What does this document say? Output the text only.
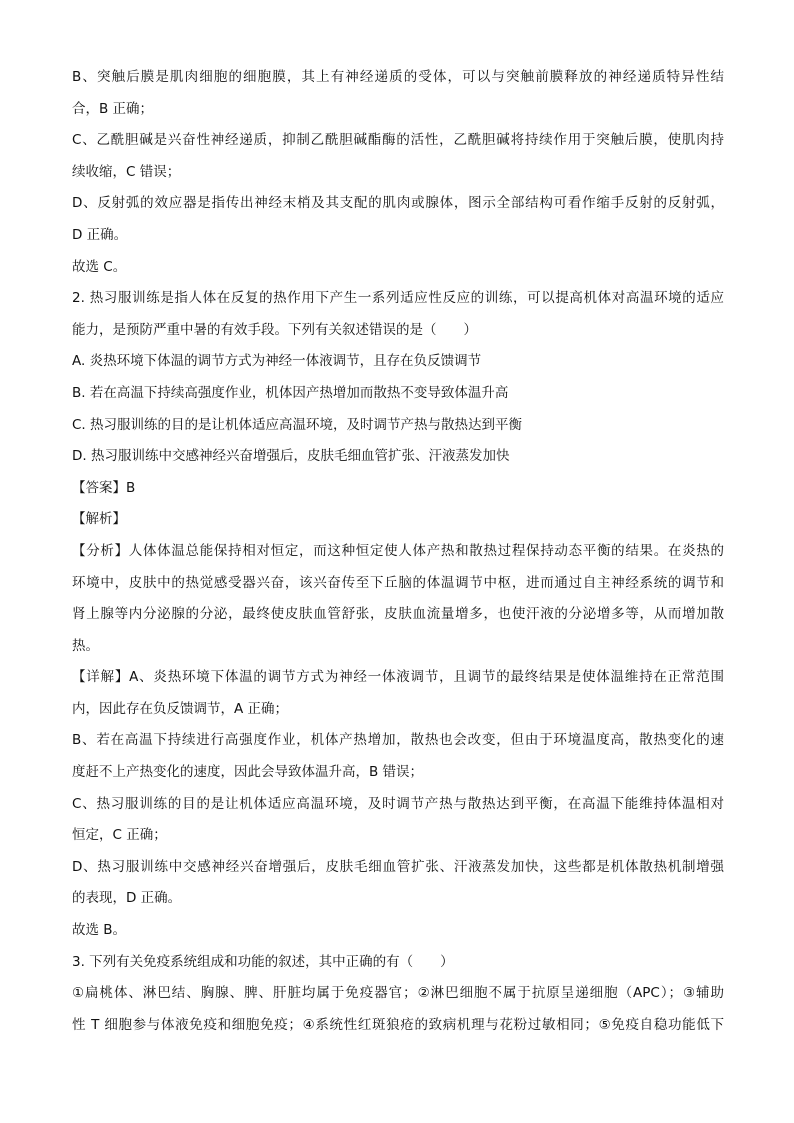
B、突触后膜是肌肉细胞的细胞膜，其上有神经递质的受体，可以与突触前膜释放的神经递质特异性结
合，B 正确；
C、乙酰胆碱是兴奋性神经递质，抑制乙酰胆碱酯酶的活性，乙酰胆碱将持续作用于突触后膜，使肌肉持
续收缩，C 错误；
D、反射弧的效应器是指传出神经末梢及其支配的肌肉或腺体，图示全部结构可看作缩手反射的反射弧，
D 正确。
故选 C。
2. 热习服训练是指人体在反复的热作用下产生一系列适应性反应的训练，可以提高机体对高温环境的适应
能力，是预防严重中暑的有效手段。下列有关叙述错误的是（　　）
A. 炎热环境下体温的调节方式为神经一体液调节，且存在负反馈调节
B. 若在高温下持续高强度作业，机体因产热增加而散热不变导致体温升高
C. 热习服训练的目的是让机体适应高温环境，及时调节产热与散热达到平衡
D. 热习服训练中交感神经兴奋增强后，皮肤毛细血管扩张、汗液蒸发加快
【答案】B
【解析】
【分析】人体体温总能保持相对恒定，而这种恒定使人体产热和散热过程保持动态平衡的结果。在炎热的
环境中，皮肤中的热觉感受器兴奋，该兴奋传至下丘脑的体温调节中枢，进而通过自主神经系统的调节和
肾上腺等内分泌腺的分泌，最终使皮肤血管舒张，皮肤血流量增多，也使汗液的分泌增多等，从而增加散
热。
【详解】A、炎热环境下体温的调节方式为神经一体液调节，且调节的最终结果是使体温维持在正常范围
内，因此存在负反馈调节，A 正确；
B、若在高温下持续进行高强度作业，机体产热增加，散热也会改变，但由于环境温度高，散热变化的速
度赶不上产热变化的速度，因此会导致体温升高，B 错误；
C、热习服训练的目的是让机体适应高温环境，及时调节产热与散热达到平衡，在高温下能维持体温相对
恒定，C 正确；
D、热习服训练中交感神经兴奋增强后，皮肤毛细血管扩张、汗液蒸发加快，这些都是机体散热机制增强
的表现，D 正确。
故选 B。
3. 下列有关免疫系统组成和功能的叙述，其中正确的有（　　）
①扁桃体、淋巴结、胸腺、脾、肝脏均属于免疫器官；②淋巴细胞不属于抗原呈递细胞（APC）；③辅助
性 T 细胞参与体液免疫和细胞免疫；④系统性红斑狼疮的致病机理与花粉过敏相同；⑤免疫自稳功能低下
